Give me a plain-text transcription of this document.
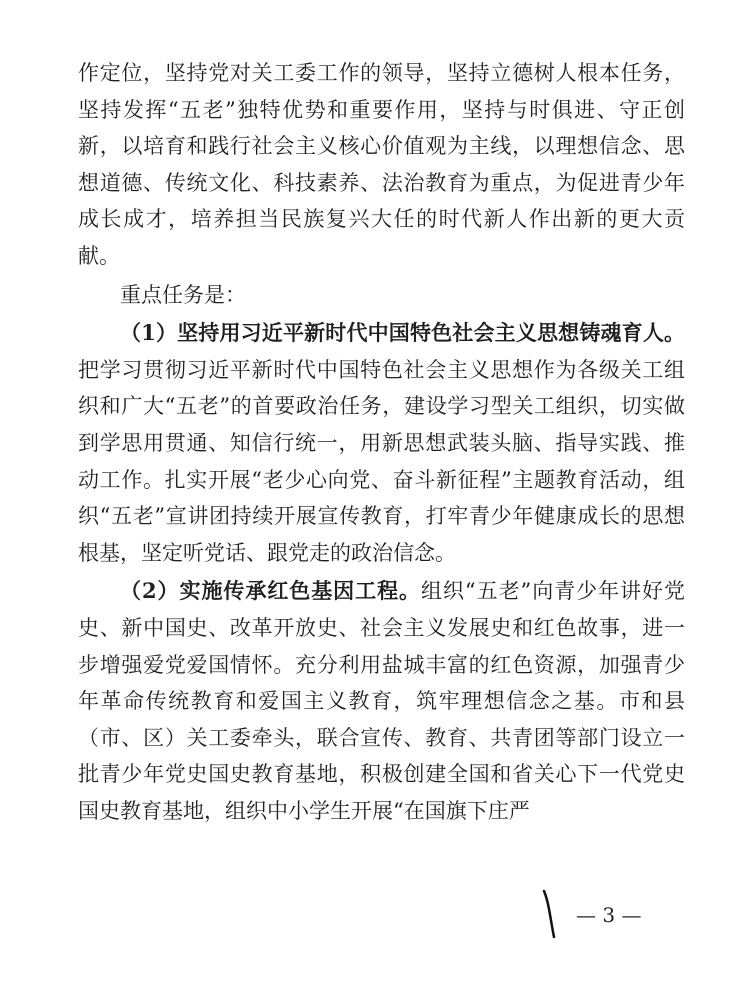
作定位，坚持党对关工委工作的领导，坚持立德树人根本任务，坚持发挥“五老”独特优势和重要作用，坚持与时俱进、守正创新，以培育和践行社会主义核心价值观为主线，以理想信念、思想道德、传统文化、科技素养、法治教育为重点，为促进青少年成长成才，培养担当民族复兴大任的时代新人作出新的更大贡献。

重点任务是：

（1）坚持用习近平新时代中国特色社会主义思想铸魂育人。把学习贯彻习近平新时代中国特色社会主义思想作为各级关工组织和广大“五老”的首要政治任务，建设学习型关工组织，切实做到学思用贯通、知信行统一，用新思想武装头脑、指导实践、推动工作。扎实开展“老少心向党、奋斗新征程”主题教育活动，组织“五老”宣讲团持续开展宣传教育，打牢青少年健康成长的思想根基，坚定听党话、跟党走的政治信念。

（2）实施传承红色基因工程。组织“五老”向青少年讲好党史、新中国史、改革开放史、社会主义发展史和红色故事，进一步增强爱党爱国情怀。充分利用盐城丰富的红色资源，加强青少年革命传统教育和爱国主义教育，筑牢理想信念之基。市和县（市、区）关工委牵头，联合宣传、教育、共青团等部门设立一批青少年党史国史教育基地，积极创建全国和省关心下一代党史国史教育基地，组织中小学生开展“在国旗下庄严

— 3 —
